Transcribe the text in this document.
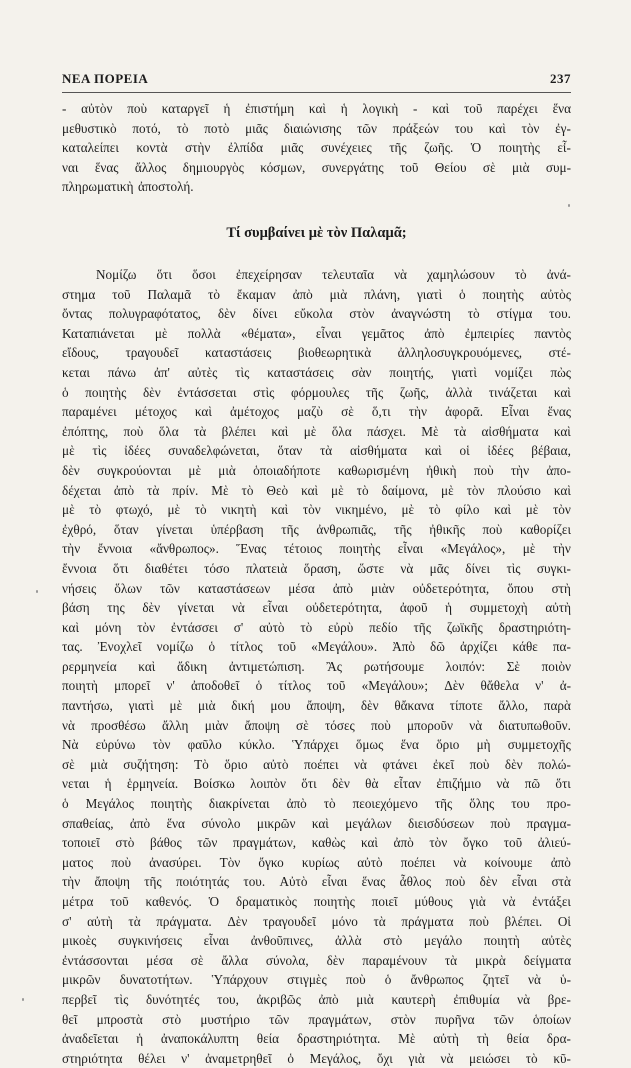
ΝΕΑ ΠΟΡΕΙΑ	237
- αὐτὸν ποὺ καταργεῖ ἡ ἐπιστήμη καὶ ἡ λογικὴ - καὶ τοῦ παρέχει ἕνα
μεθυστικὸ ποτό, τὸ ποτὸ μιᾶς διαιώνισης τῶν πράξεών του καὶ τὸν ἐγ-
καταλείπει κοντὰ στὴν ἐλπίδα μιᾶς συνέχειες τῆς ζωῆς. Ὁ ποιητὴς εἶ-
ναι ἕνας ἄλλος δημιουργὸς κόσμων, συνεργάτης τοῦ Θείου σὲ μιὰ συμ-
πληρωματικὴ ἀποστολή.
Τί συμβαίνει μὲ τὸν Παλαμᾶ;
Νομίζω ὅτι ὅσοι ἐπεχείρησαν τελευταῖα νὰ χαμηλώσουν τὸ ἀνά-
στημα τοῦ Παλαμᾶ τὸ ἔκαμαν ἀπὸ μιὰ πλάνη, γιατὶ ὁ ποιητὴς αὐτὸς
ὄντας πολυγραφότατος, δὲν δίνει εὔκολα στὸν ἀναγνώστη τὸ στίγμα του.
Καταπιάνεται μὲ πολλὰ «θέματα», εἶναι γεμᾶτος ἀπὸ ἐμπειρίες παντὸς
εἴδους, τραγουδεῖ καταστάσεις βιοθεωρητικὰ ἀλληλοσυγκρουόμενες, στέ-
κεται πάνω ἀπ' αὐτὲς τὶς καταστάσεις σὰν ποιητής, γιατὶ νομίζει πὼς
ὁ ποιητὴς δὲν ἐντάσσεται στὶς φόρμουλες τῆς ζωῆς, ἀλλὰ τινάζεται καὶ
παραμένει μέτοχος καὶ ἀμέτοχος μαζὺ σὲ ὅ,τι τὴν ἀφορᾶ. Εἶναι ἕνας
ἐπόπτης, ποὺ ὅλα τὰ βλέπει καὶ μὲ ὅλα πάσχει. Μὲ τὰ αἰσθήματα καὶ
μὲ τὶς ἰδέες συναδελφώνεται, ὅταν τὰ αἰσθήματα καὶ οἱ ἰδέες βέβαια,
δὲν συγκρούονται μὲ μιὰ ὁποιαδήποτε καθωρισμένη ἠθικὴ ποὺ τὴν ἀπο-
δέχεται ἀπὸ τὰ πρίν. Μὲ τὸ Θεὸ καὶ μὲ τὸ δαίμονα, μὲ τὸν πλούσιο καὶ
μὲ τὸ φτωχό, μὲ τὸ νικητὴ καὶ τὸν νικημένο, μὲ τὸ φίλο καὶ μὲ τὸν
ἐχθρό, ὅταν γίνεται ὑπέρβαση τῆς ἀνθρωπιᾶς, τῆς ἠθικῆς ποὺ καθορίζει
τὴν ἔννοια «ἄνθρωπος». Ἕνας τέτοιος ποιητὴς εἶναι «Μεγάλος», μὲ τὴν
ἔννοια ὅτι διαθέτει τόσο πλατειὰ ὅραση, ὥστε νὰ μᾶς δίνει τὶς συγκι-
νήσεις ὅλων τῶν καταστάσεων μέσα ἀπὸ μιὰν οὐδετερότητα, ὅπου στὴ
βάση της δὲν γίνεται νὰ εἶναι οὐδετερότητα, ἀφοῦ ἡ συμμετοχὴ αὐτὴ
καὶ μόνη τὸν ἐντάσσει σ' αὐτὸ τὸ εὐρὺ πεδίο τῆς ζωϊκῆς δραστηριότη-
τας. Ἐνοχλεῖ νομίζω ὁ τίτλος τοῦ «Μεγάλου». Ἀπὸ δῶ ἀρχίζει κάθε πα-
ρερμηνεία καὶ ἄδικη ἀντιμετώπιση. Ἂς ρωτήσουμε λοιπόν: Σὲ ποιὸν
ποιητὴ μπορεῖ ν' ἀποδοθεῖ ὁ τίτλος τοῦ «Μεγάλου»; Δὲν θἄθελα ν' ἀ-
παντήσω, γιατὶ μὲ μιὰ δική μου ἄποψη, δὲν θἄκανα τίποτε ἄλλο, παρὰ
νὰ προσθέσω ἄλλη μιὰν ἄποψη σὲ τόσες ποὺ μποροῦν νὰ διατυπωθοῦν.
Νὰ εὐρύνω τὸν φαῦλο κύκλο. Ὑπάρχει ὅμως ἕνα ὅριο μὴ συμμετοχῆς
σὲ μιὰ συζήτηση: Τὸ ὅριο αὐτὸ ποέπει νὰ φτάνει ἐκεῖ ποὺ δὲν πολώ-
νεται ἡ ἑρμηνεία. Βοίσκω λοιπὸν ὅτι δὲν θὰ εἶταν ἐπιζήμιο νὰ πῶ ὅτι
ὁ Μεγάλος ποιητὴς διακρίνεται ἀπὸ τὸ πεοιεχόμενο τῆς ὅλης του προ-
σπαθείας, ἀπὸ ἕνα σύνολο μικρῶν καὶ μεγάλων διεισδύσεων ποὺ πραγμα-
τοποιεῖ στὸ βάθος τῶν πραγμάτων, καθὼς καὶ ἀπὸ τὸν ὄγκο τοῦ ἀλιεύ-
ματος ποὺ ἀνασύρει. Τὸν ὄγκο κυρίως αὐτὸ ποέπει νὰ κοίνουμε ἀπὸ
τὴν ἄποψη τῆς ποιότητάς του. Αὐτὸ εἶναι ἕνας ἆθλος ποὺ δὲν εἶναι στὰ
μέτρα τοῦ καθενός. Ὁ δραματικὸς ποιητὴς ποιεῖ μύθους γιὰ νὰ ἐντάξει
σ' αὐτὴ τὰ πράγματα. Δὲν τραγουδεῖ μόνο τὰ πράγματα ποὺ βλέπει. Οἱ
μικοὲς συγκινήσεις εἶναι ἀνθοῦπινες, ἀλλὰ στὸ μεγάλο ποιητὴ αὐτὲς
ἐντάσσονται μέσα σὲ ἄλλα σύνολα, δὲν παραμένουν τὰ μικρὰ δείγματα
μικρῶν δυνατοτήτων. Ὑπάρχουν στιγμὲς ποὺ ὁ ἄνθρωπος ζητεῖ νὰ ὑ-
περβεῖ τὶς δυνότητές του, ἀκριβῶς ἀπὸ μιὰ καυτερὴ ἐπιθυμία νὰ βρε-
θεῖ μπροστὰ στὸ μυστήριο τῶν πραγμάτων, στὸν πυρῆνα τῶν ὁποίων
ἀναδεῖεται ἡ ἀναποκάλυπτη θεία δραστηριότητα. Μὲ αὐτὴ τὴ θεία δρα-
στηριότητα θέλει ν' ἀναμετρηθεῖ ὁ Μεγάλος, ὄχι γιὰ νὰ μειώσει τὸ κῦ-
